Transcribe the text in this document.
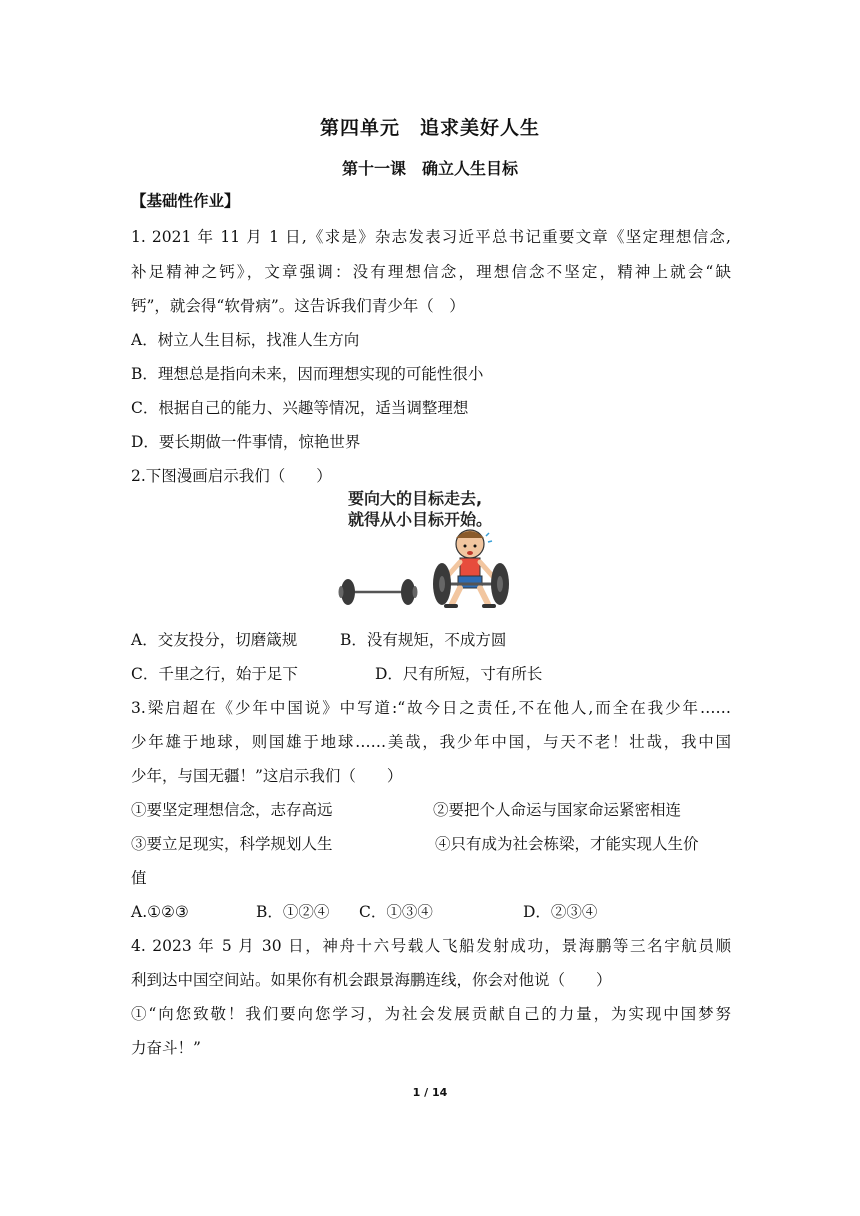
第四单元　追求美好人生
第十一课　确立人生目标
【基础性作业】
1. 2021 年 11 月 1 日,《求是》杂志发表习近平总书记重要文章《坚定理想信念,
补足精神之钙》，文章强调：没有理想信念，理想信念不坚定，精神上就会“缺
钙”，就会得“软骨病”。这告诉我们青少年（　）
A．树立人生目标，找准人生方向
B．理想总是指向未来，因而理想实现的可能性很小
C．根据自己的能力、兴趣等情况，适当调整理想
D．要长期做一件事情，惊艳世界
2.下图漫画启示我们（　　）
要向大的目标走去,
就得从小目标开始。
A．交友投分，切磨箴规	B．没有规矩，不成方圆
C．千里之行，始于足下	D．尺有所短，寸有所长
3.梁启超在《少年中国说》中写道:“故今日之责任,不在他人,而全在我少年……
少年雄于地球，则国雄于地球……美哉，我少年中国，与天不老！壮哉，我中国
少年，与国无疆！”这启示我们（　　）
①要坚定理想信念，志存高远	②要把个人命运与国家命运紧密相连
③要立足现实，科学规划人生	④只有成为社会栋梁，才能实现人生价
值
A.①②③	B．①②④ C．①③④	D．②③④
4. 2023 年 5 月 30 日，神舟十六号载人飞船发射成功，景海鹏等三名宇航员顺
利到达中国空间站。如果你有机会跟景海鹏连线，你会对他说（　　）
①“向您致敬！我们要向您学习，为社会发展贡献自己的力量，为实现中国梦努
力奋斗！”
1 / 14
